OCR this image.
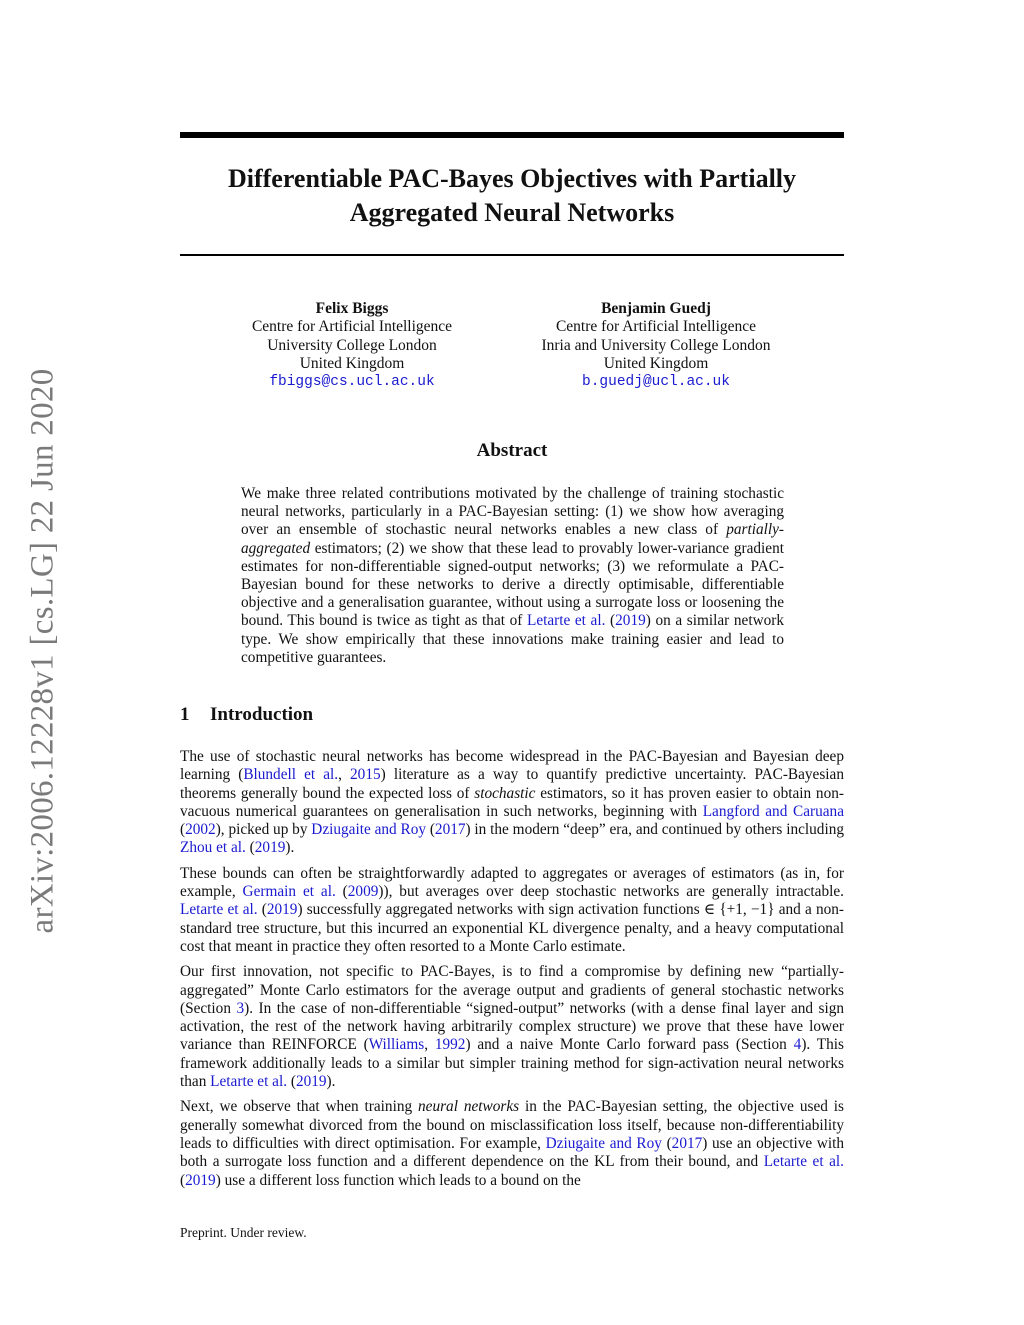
arXiv:2006.12228v1 [cs.LG] 22 Jun 2020
Differentiable PAC-Bayes Objectives with Partially
Aggregated Neural Networks
Felix Biggs
Centre for Artificial Intelligence
University College London
United Kingdom
fbiggs@cs.ucl.ac.uk
Benjamin Guedj
Centre for Artificial Intelligence
Inria and University College London
United Kingdom
b.guedj@ucl.ac.uk
Abstract

We make three related contributions motivated by the challenge of training stochastic neural networks, particularly in a PAC-Bayesian setting: (1) we show how averaging over an ensemble of stochastic neural networks enables a new class of partially-aggregated estimators; (2) we show that these lead to provably lower-variance gradient estimates for non-differentiable signed-output networks; (3) we reformulate a PAC-Bayesian bound for these networks to derive a directly optimisable, differentiable objective and a generalisation guarantee, without using a surrogate loss or loosening the bound. This bound is twice as tight as that of Letarte et al. (2019) on a similar network type. We show empirically that these innovations make training easier and lead to competitive guarantees.

1 Introduction

The use of stochastic neural networks has become widespread in the PAC-Bayesian and Bayesian deep learning (Blundell et al., 2015) literature as a way to quantify predictive uncertainty. PAC-Bayesian theorems generally bound the expected loss of stochastic estimators, so it has proven easier to obtain non-vacuous numerical guarantees on generalisation in such networks, beginning with Langford and Caruana (2002), picked up by Dziugaite and Roy (2017) in the modern “deep” era, and continued by others including Zhou et al. (2019).

These bounds can often be straightforwardly adapted to aggregates or averages of estimators (as in, for example, Germain et al. (2009)), but averages over deep stochastic networks are generally intractable. Letarte et al. (2019) successfully aggregated networks with sign activation functions ∈ {+1, −1} and a non-standard tree structure, but this incurred an exponential KL divergence penalty, and a heavy computational cost that meant in practice they often resorted to a Monte Carlo estimate.

Our first innovation, not specific to PAC-Bayes, is to find a compromise by defining new “partially-aggregated” Monte Carlo estimators for the average output and gradients of general stochastic networks (Section 3). In the case of non-differentiable “signed-output” networks (with a dense final layer and sign activation, the rest of the network having arbitrarily complex structure) we prove that these have lower variance than REINFORCE (Williams, 1992) and a naive Monte Carlo forward pass (Section 4). This framework additionally leads to a similar but simpler training method for sign-activation neural networks than Letarte et al. (2019).

Next, we observe that when training neural networks in the PAC-Bayesian setting, the objective used is generally somewhat divorced from the bound on misclassification loss itself, because non-differentiability leads to difficulties with direct optimisation. For example, Dziugaite and Roy (2017) use an objective with both a surrogate loss function and a different dependence on the KL from their bound, and Letarte et al. (2019) use a different loss function which leads to a bound on the

Preprint. Under review.
